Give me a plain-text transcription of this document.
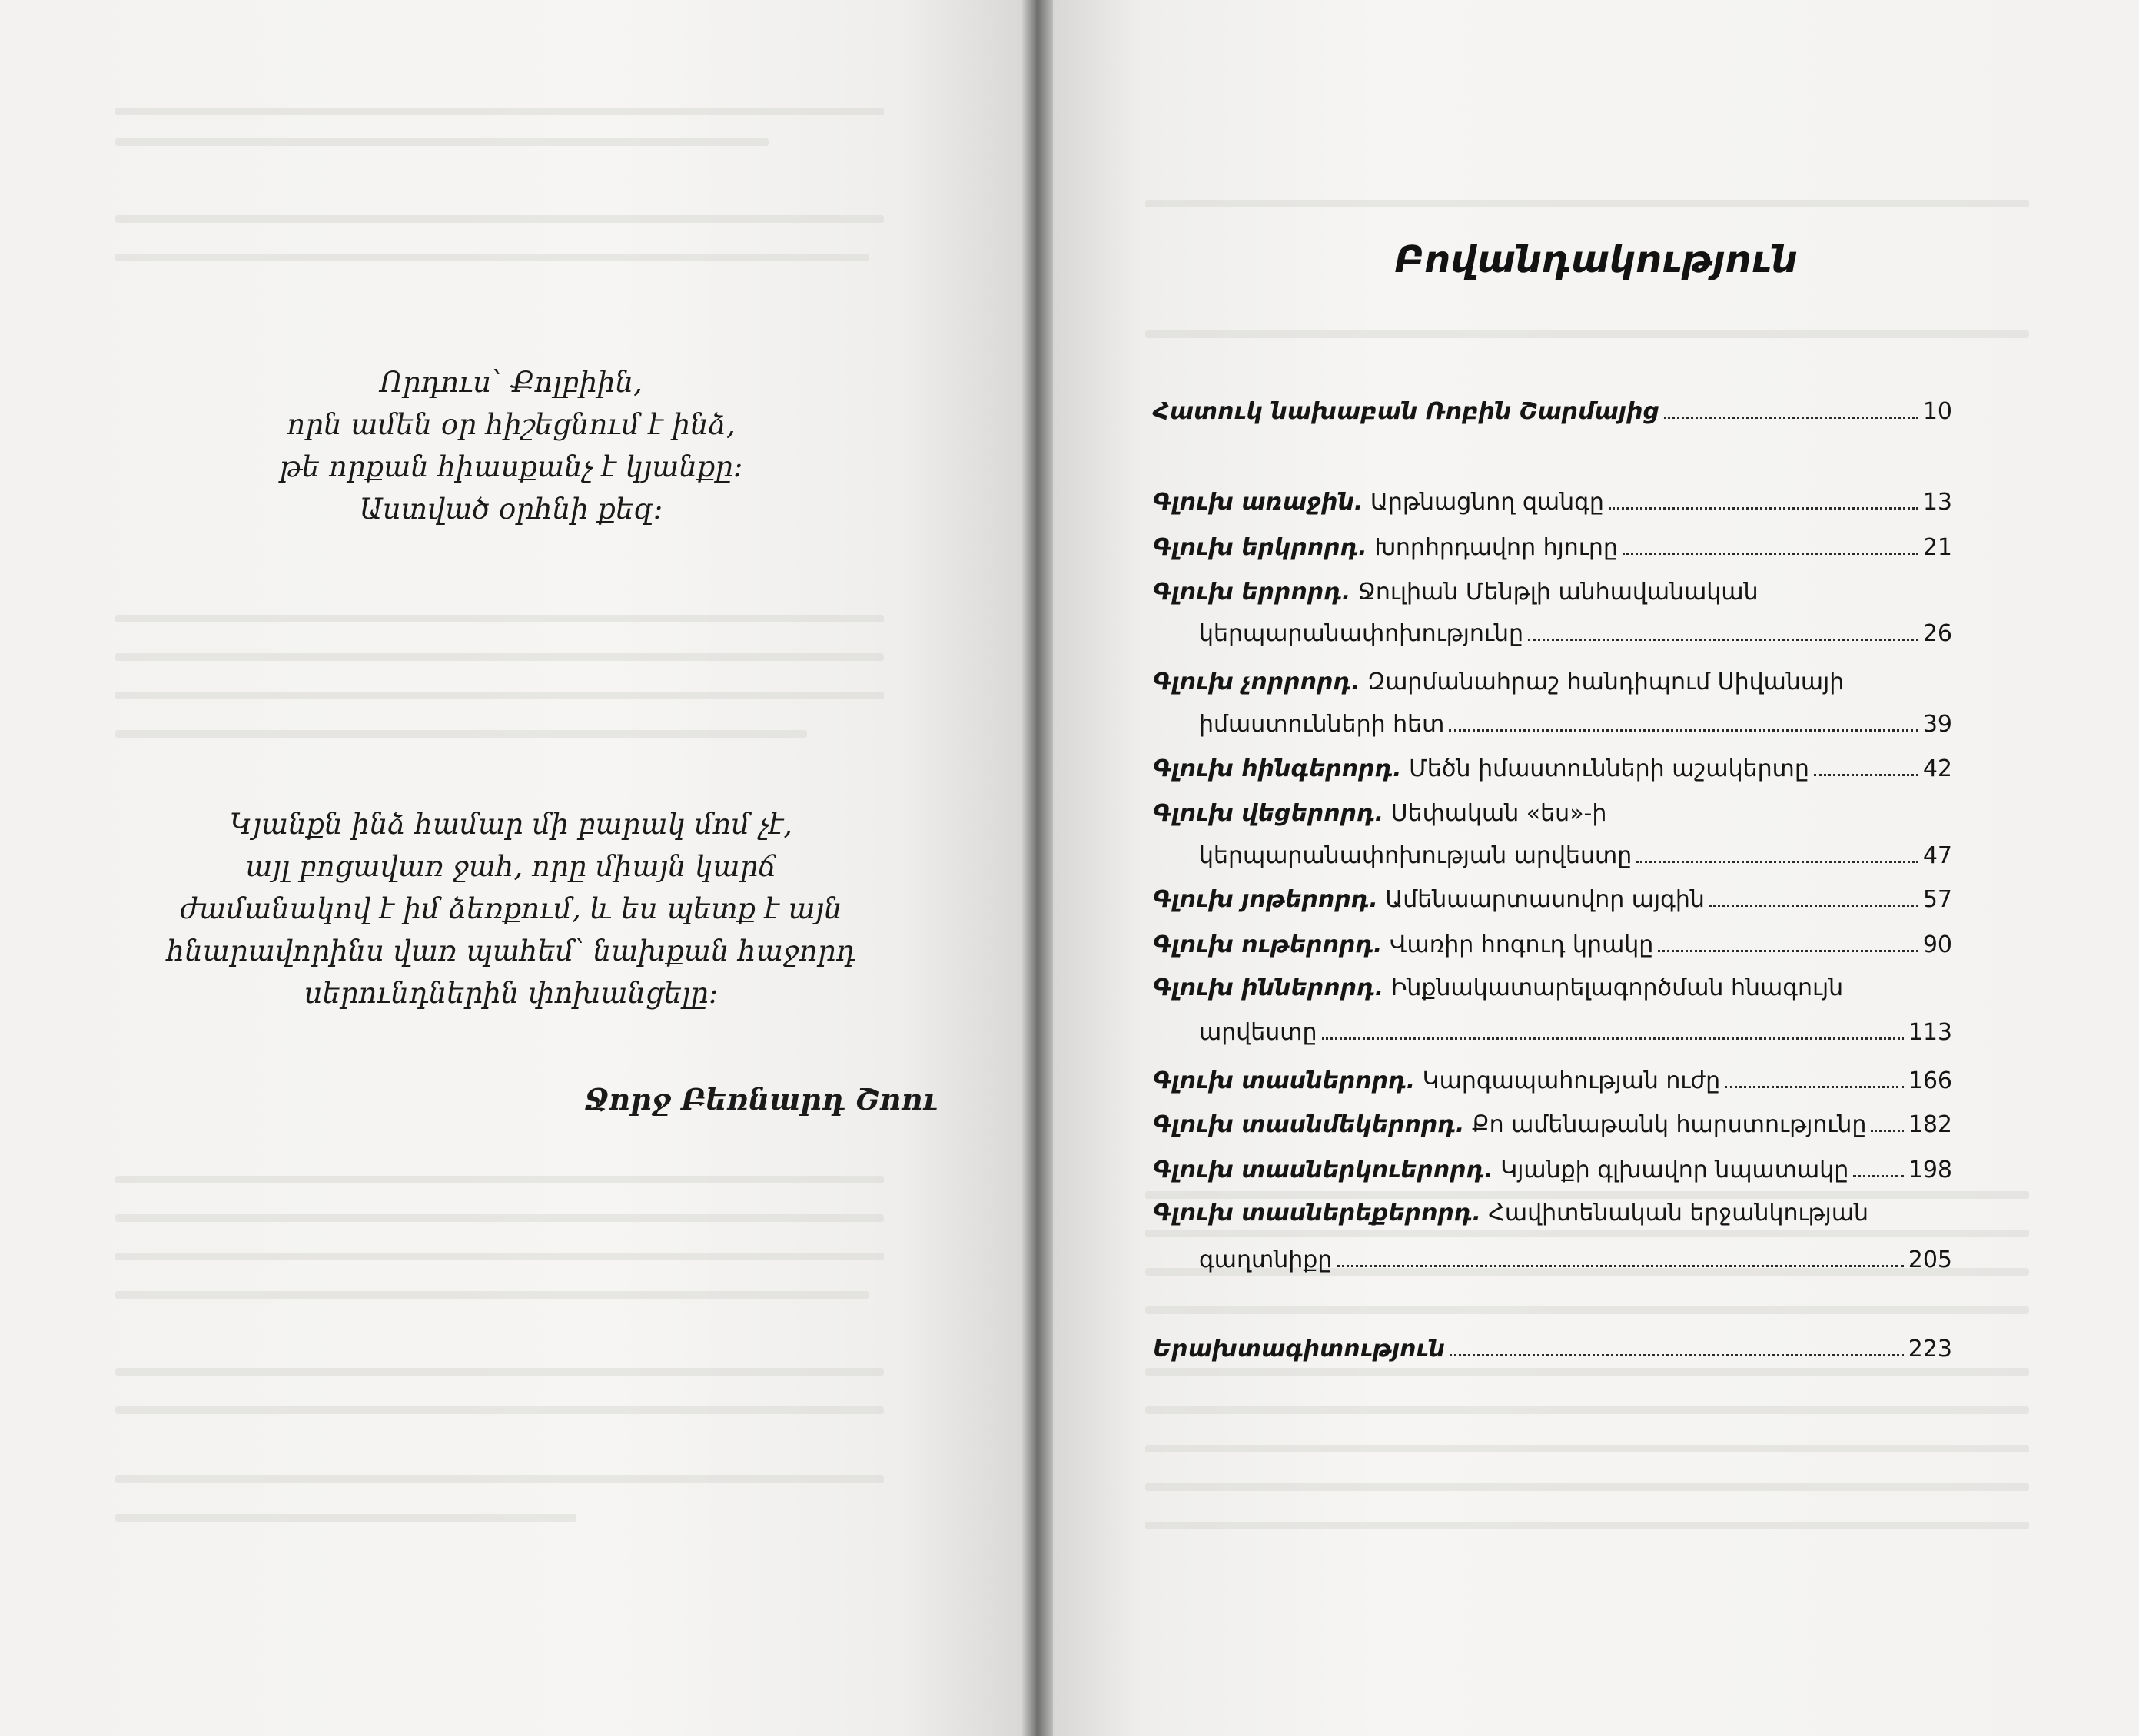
Որդուս՝ Քոլբիին,
որն ամեն օր հիշեցնում է ինձ,
թե որքան հիասքանչ է կյանքը:
Աստված օրհնի քեզ:
Կյանքն ինձ համար մի բարակ մոմ չէ,
այլ բոցավառ ջահ, որը միայն կարճ
ժամանակով է իմ ձեռքում, և ես պետք է այն
հնարավորինս վառ պահեմ՝ նախքան հաջորդ
սերունդներին փոխանցելը:
Ջորջ Բեռնարդ Շոու
Բովանդակություն
Հատուկ նախաբան Ռոբին Շարմայից	10
Գլուխ առաջին. Արթնացնող զանգը	13
Գլուխ երկրորդ. Խորհրդավոր հյուրը	21
Գլուխ երրորդ. Ջուլիան Մենթլի անհավանական
կերպարանափոխությունը	26
Գլուխ չորրորդ. Զարմանահրաշ հանդիպում Սիվանայի
իմաստունների հետ	39
Գլուխ հինգերորդ. Մեծն իմաստունների աշակերտը	42
Գլուխ վեցերորդ. Սեփական «ես»-ի
կերպարանափոխության արվեստը	47
Գլուխ յոթերորդ. Ամենաարտասովոր այգին	57
Գլուխ ութերորդ. Վառիր հոգուդ կրակը	90
Գլուխ իններորդ. Ինքնակատարելագործման հնագույն
արվեստը	113
Գլուխ տասներորդ. Կարգապահության ուժը	166
Գլուխ տասնմեկերորդ. Քո ամենաթանկ հարստությունը 182
Գլուխ տասներկուերորդ. Կյանքի գլխավոր նպատակը	198
Գլուխ տասներեքերորդ. Հավիտենական երջանկության
գաղտնիքը	205
Երախտագիտություն	223
